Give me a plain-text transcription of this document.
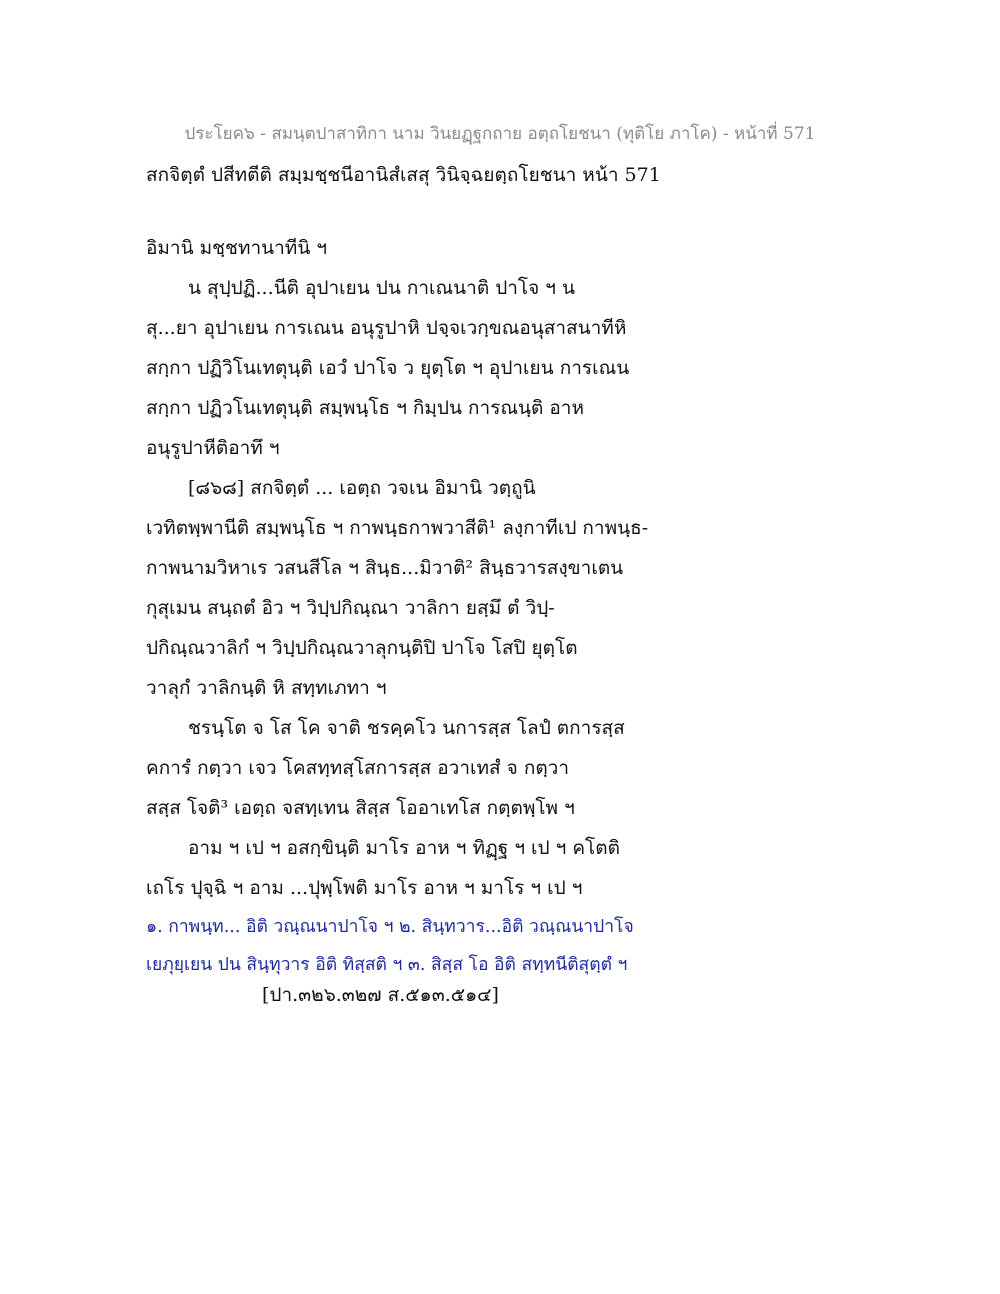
ประโยค๖ - สมนฺตปาสาทิกา นาม วินยฏฺฐกถาย อตฺถโยชนา (ทุติโย ภาโค) - หน้าที่ 571
สกจิตฺตํ ปสีทตีติ สมฺมชฺชนีอานิสํเสสุ วินิจฺฉยตฺถโยชนา หน้า 571
อิมานิ มชฺชทานาทีนิ ฯ
น สุปฺปฏิ...นีติ อุปาเยน ปน กาเณนาติ ปาโจ ฯ น
สุ...ยา อุปาเยน การเณน อนุรูปาหิ ปจฺจเวกฺขณอนุสาสนาทีหิ
สกฺกา ปฏิวิโนเทตุนฺติ เอวํ ปาโจ ว ยุตฺโต ฯ อุปาเยน การเณน
สกฺกา ปฏิวโนเทตุนฺติ สมฺพนฺโธ ฯ กิมฺปน การณนฺติ อาห
อนุรูปาหีติอาทึ ฯ
[๘๖๘] สกจิตฺตํ ... เอตฺถ วจเน อิมานิ วตฺถูนิ
เวทิตพฺพานีติ สมฺพนฺโธ ฯ กาพนฺธกาพวาสีติ¹ ลงฺกาทีเป กาพนฺธ-
กาพนามวิหาเร วสนสีโล ฯ สินฺธ...มิวาติ² สินฺธวารสงฺขาเตน
กุสุเมน สนฺถตํ อิว ฯ วิปฺปกิณฺณา วาลิกา ยสฺมึ ตํ วิปฺ-
ปกิณฺณวาลิกํ ฯ วิปฺปกิณฺณวาลุกนฺติปิ ปาโจ โสปิ ยุตฺโต
วาลุกํ วาลิกนฺติ หิ สทฺทเภทา ฯ
ชรนฺโต จ โส โค จาติ ชรคฺคโว นการสฺส โลปํ ตการสฺส
คการํ กตฺวา เจว โคสทฺทสฺโสการสฺส อวาเทสํ จ กตฺวา
สสฺส โจติ³ เอตฺถ จสทฺเทน สิสฺส โออาเทโส กตฺตพฺโพ ฯ
อาม ฯ เป ฯ อสกฺขินฺติ มาโร อาห ฯ ทิฏฺฐ ฯ เป ฯ คโตติ
เถโร ปุจฺฉิ ฯ อาม ...ปุพฺโพติ มาโร อาห ฯ มาโร ฯ เป ฯ
๑. กาพนฺท... อิติ วณฺณนาปาโจ ฯ ๒. สินฺทวาร...อิติ วณฺณนาปาโจ
เยภุยฺเยน ปน สินฺทุวาร อิติ ทิสฺสติ ฯ ๓. สิสฺส โอ อิติ สทฺทนีติสุตฺตํ ฯ
[ปา.๓๒๖.๓๒๗ ส.๕๑๓.๕๑๔]
